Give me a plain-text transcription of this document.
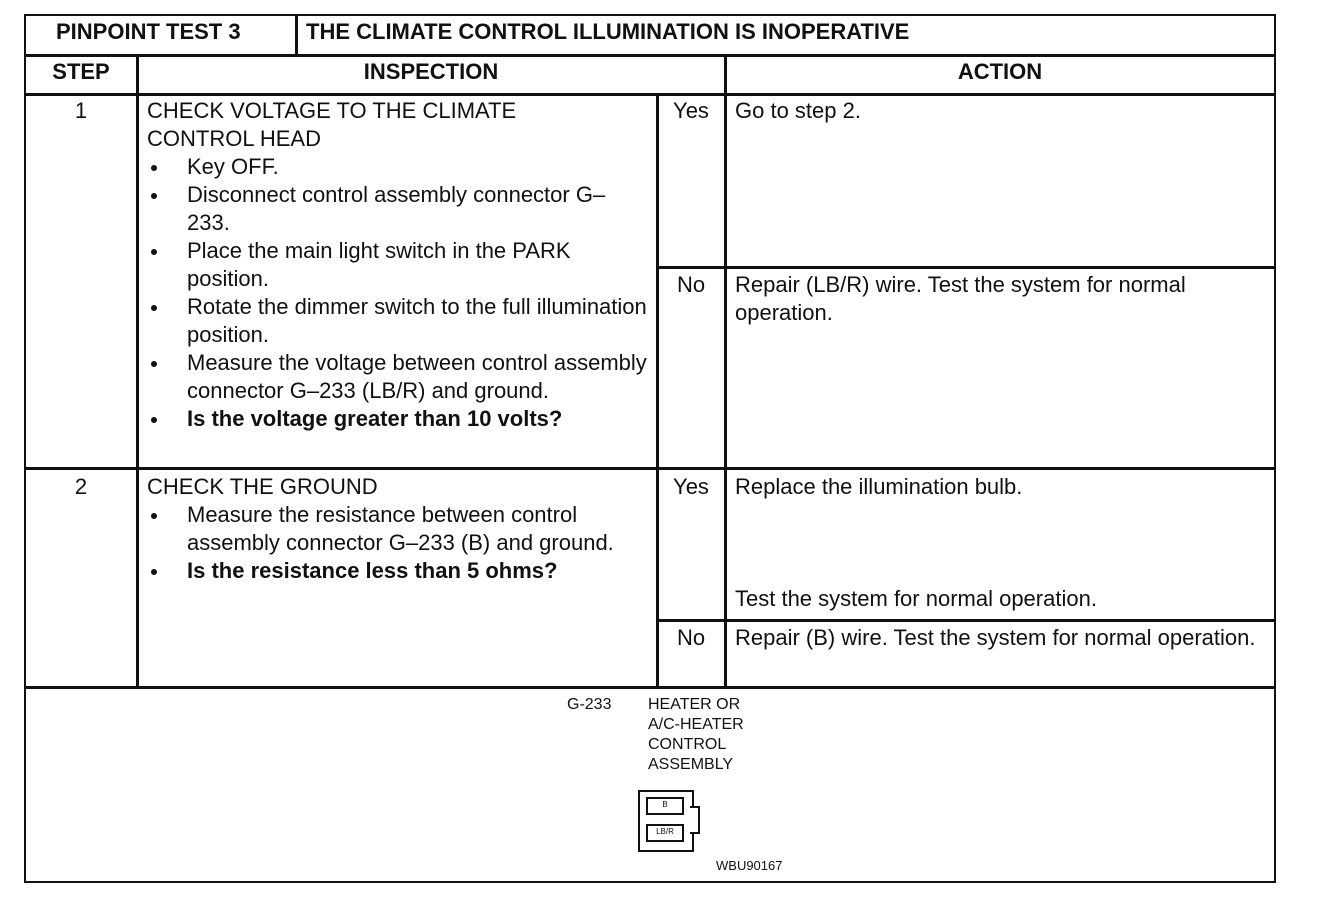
PINPOINT TEST 3	THE CLIMATE CONTROL ILLUMINATION IS INOPERATIVE
STEP	INSPECTION	ACTION
1	CHECK VOLTAGE TO THE CLIMATE CONTROL HEAD
Key OFF.
Disconnect control assembly connector G–233.
Place the main light switch in the PARK position.
Rotate the dimmer switch to the full illumination position.
Measure the voltage between control assembly connector G–233 (LB/R) and ground.
Is the voltage greater than 10 volts?
Yes	Go to step 2.
No	Repair (LB/R) wire. Test the system for normal operation.
2	CHECK THE GROUND
Measure the resistance between control assembly connector G–233 (B) and ground.
Is the resistance less than 5 ohms?
Yes	Replace the illumination bulb.
Test the system for normal operation.
No	Repair (B) wire. Test the system for normal operation.
G-233 HEATER OR
A/C-HEATER
CONTROL
ASSEMBLY
B
LB/R
WBU90167
